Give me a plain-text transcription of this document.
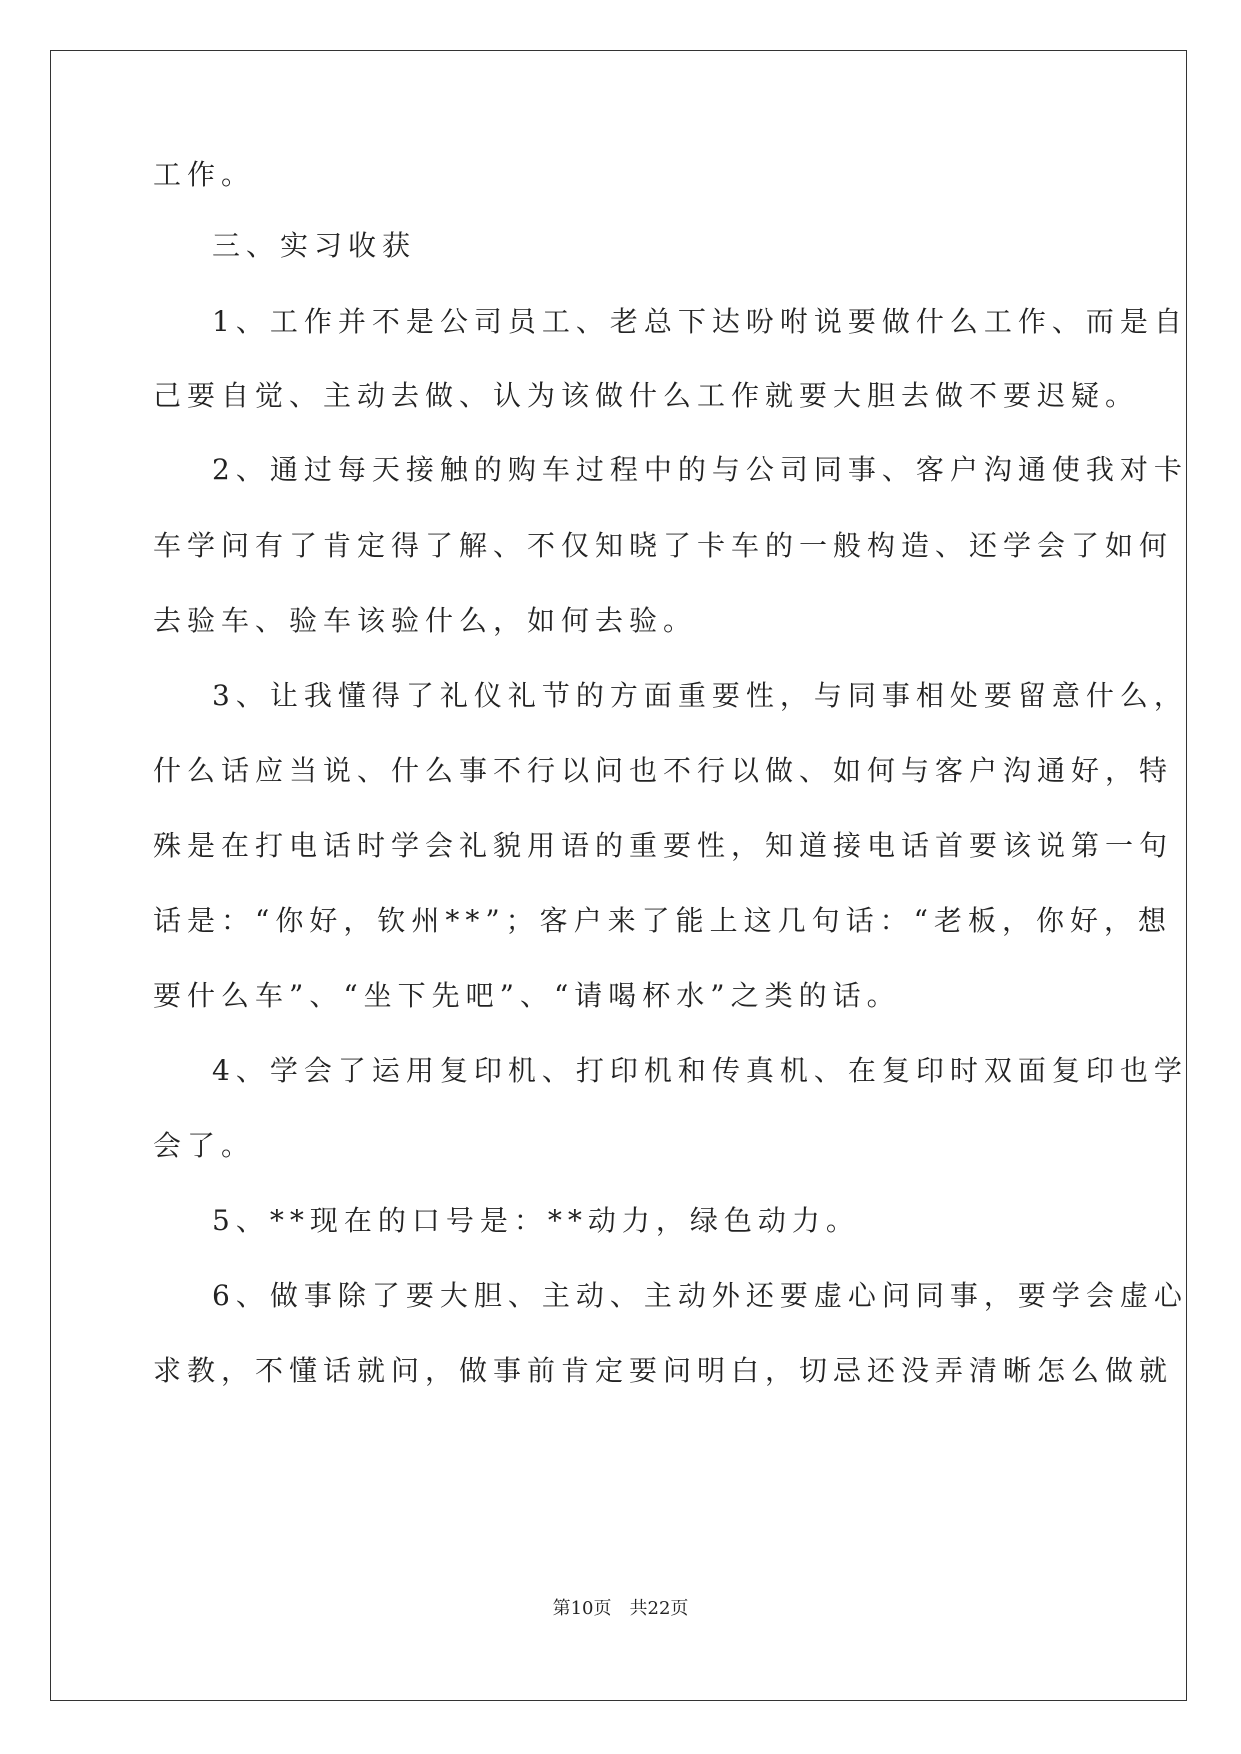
工作。

三、实习收获

1、工作并不是公司员工、老总下达吩咐说要做什么工作、而是自

己要自觉、主动去做、认为该做什么工作就要大胆去做不要迟疑。

2、通过每天接触的购车过程中的与公司同事、客户沟通使我对卡

车学问有了肯定得了解、不仅知晓了卡车的一般构造、还学会了如何

去验车、验车该验什么，如何去验。

3、让我懂得了礼仪礼节的方面重要性，与同事相处要留意什么，

什么话应当说、什么事不行以问也不行以做、如何与客户沟通好，特

殊是在打电话时学会礼貌用语的重要性，知道接电话首要该说第一句

话是：“你好，钦州**”；客户来了能上这几句话：“老板，你好，想

要什么车”、“坐下先吧”、“请喝杯水”之类的话。

4、学会了运用复印机、打印机和传真机、在复印时双面复印也学

会了。

5、**现在的口号是：**动力，绿色动力。

6、做事除了要大胆、主动、主动外还要虚心问同事，要学会虚心

求教，不懂话就问，做事前肯定要问明白，切忌还没弄清晰怎么做就

第10页　共22页
